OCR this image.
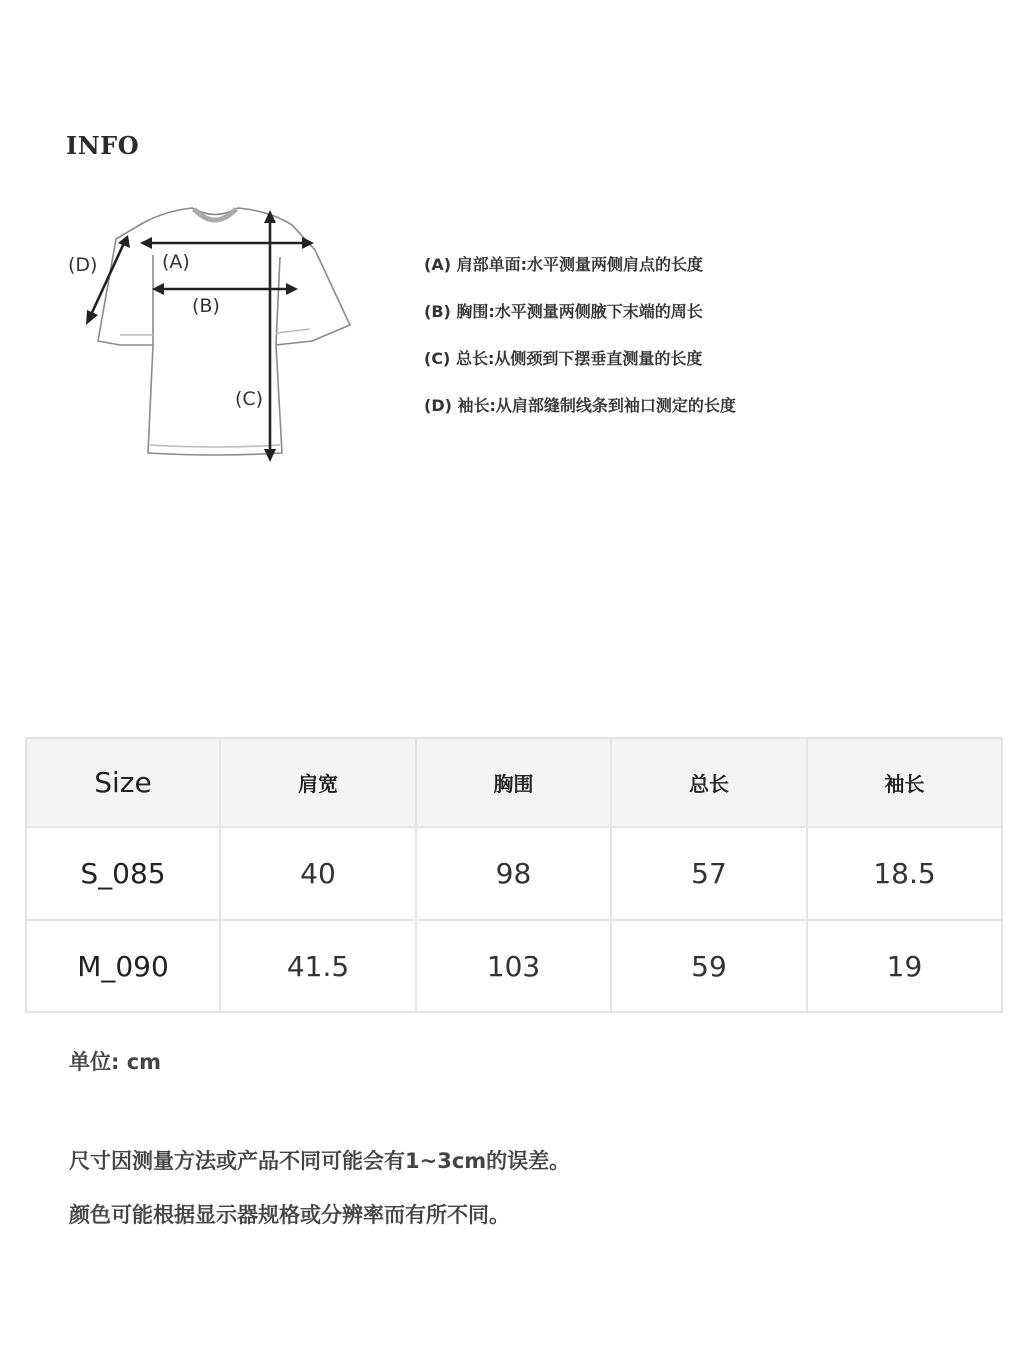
INFO
(A)
(B)
(C)
(D)	(A) 肩部单面:水平测量两侧肩点的长度
(B) 胸围:水平测量两侧腋下末端的周长
(C) 总长:从侧颈到下摆垂直测量的长度
(D) 袖长:从肩部缝制线条到袖口测定的长度
Size	肩宽	胸围	总长	袖长
S_085	40	98	57	18.5
M_090	41.5	103	59	19
单位: cm
尺寸因测量方法或产品不同可能会有1~3cm的误差。
颜色可能根据显示器规格或分辨率而有所不同。
